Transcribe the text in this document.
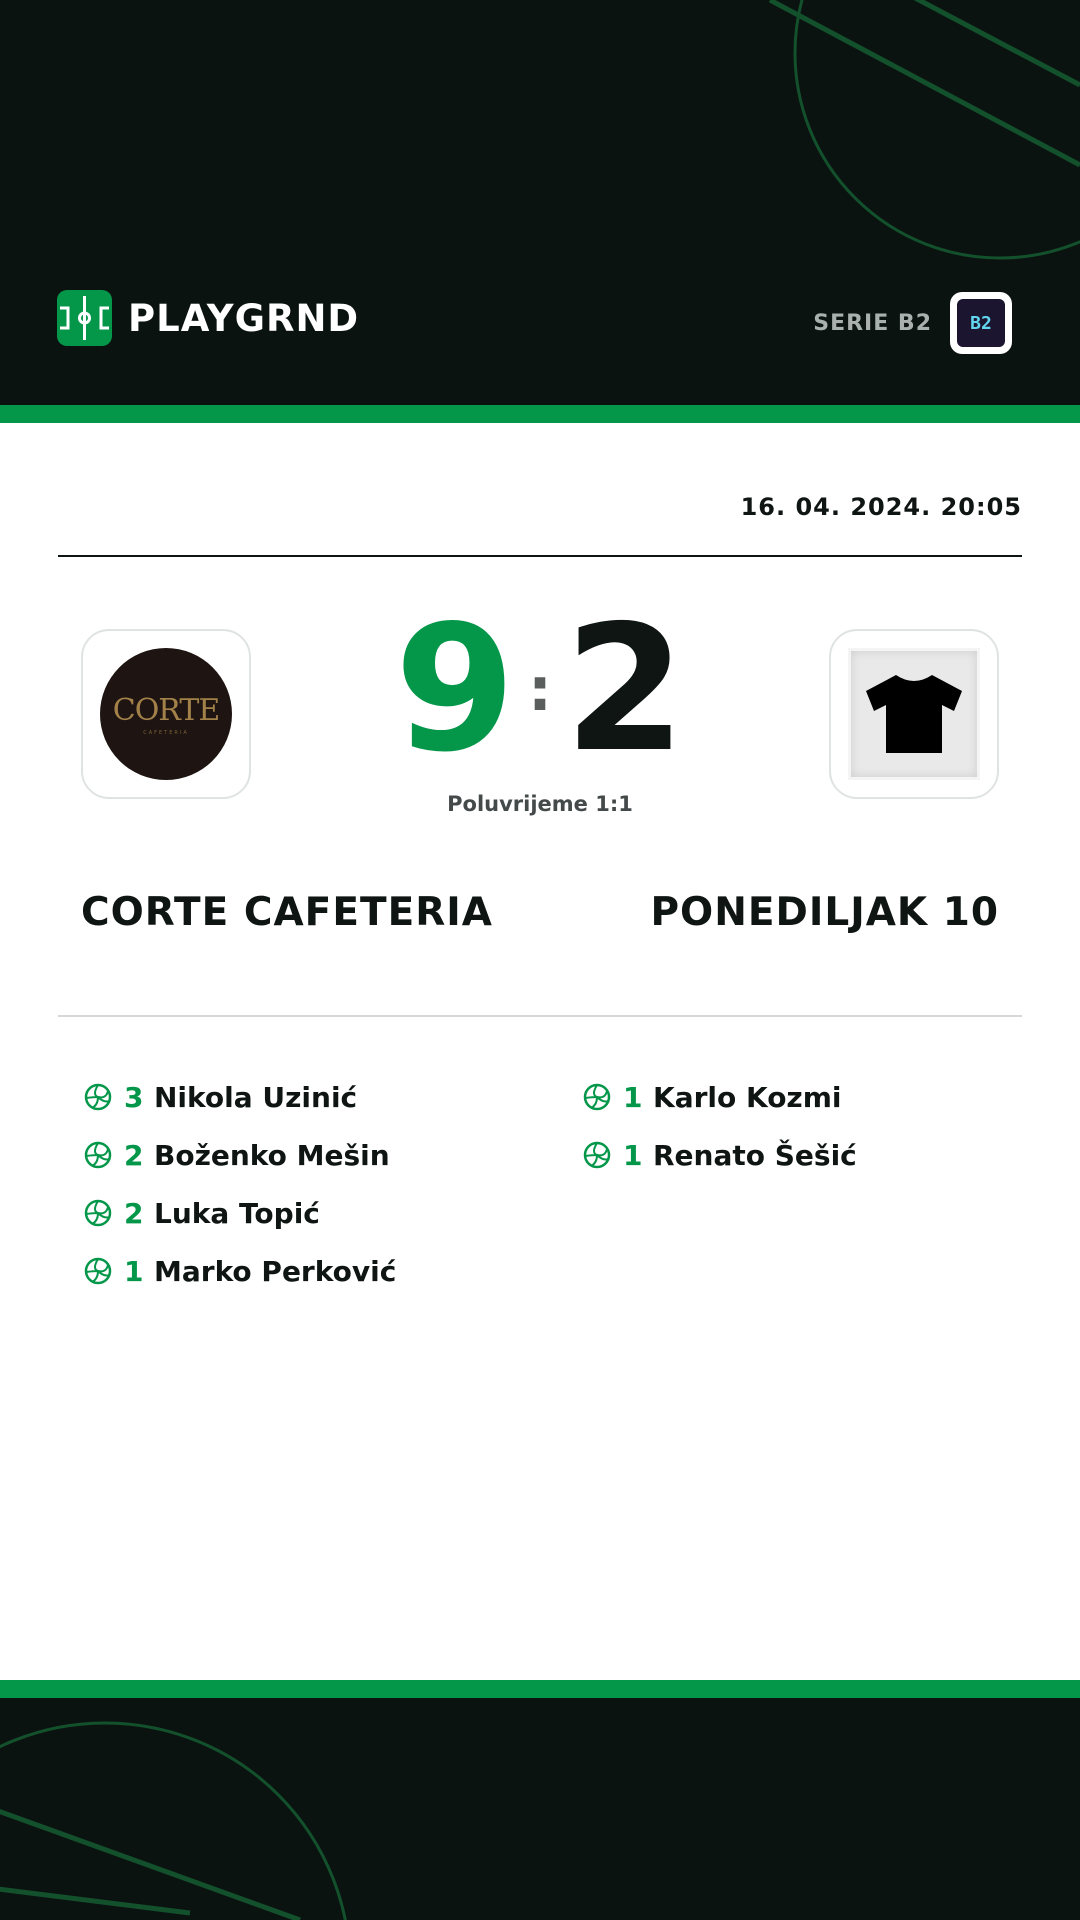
PLAYGRND	SERIE B2 B2
16. 04. 2024. 20:05
CORTE
CAFETERIA 9 : 2
Poluvrijeme 1:1
CORTE CAFETERIA	PONEDILJAK 10
3 Nikola Uzinić
2 Boženko Mešin
2 Luka Topić
1 Marko Perković
1 Karlo Kozmi
1 Renato Šešić
